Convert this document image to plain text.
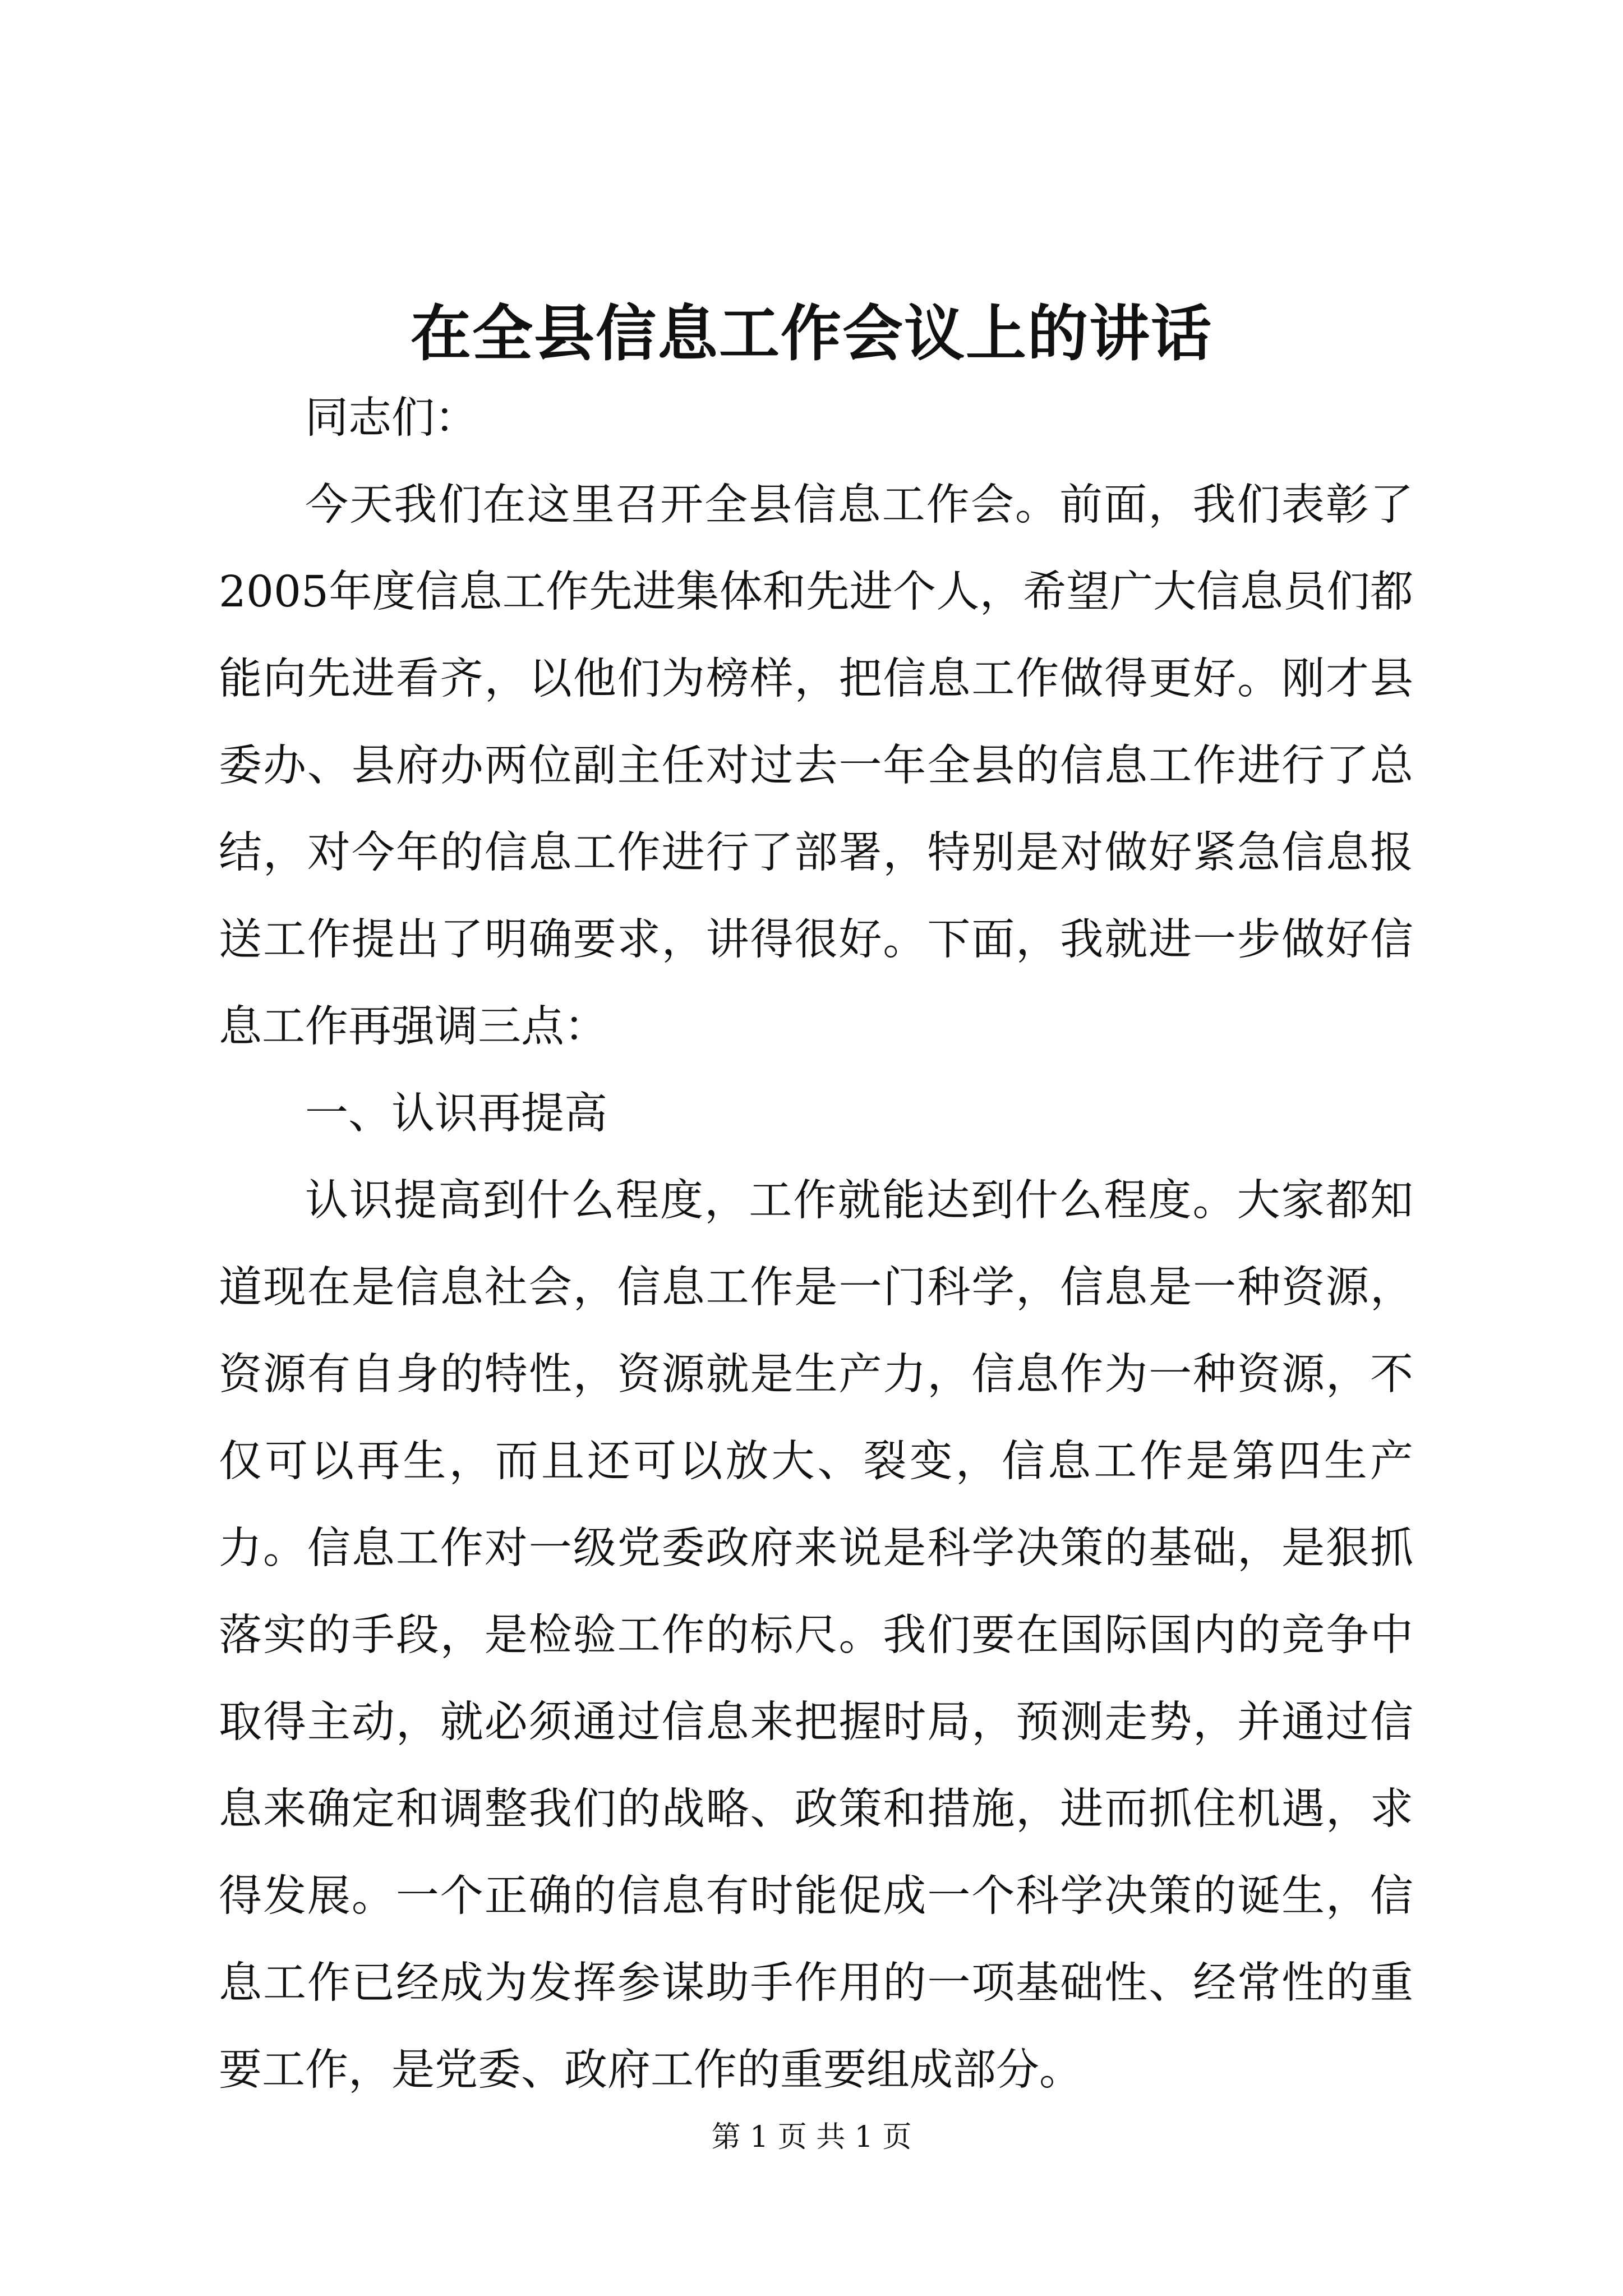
在全县信息工作会议上的讲话

同志们：

今天我们在这里召开全县信息工作会。前面，我们表彰了2005年度信息工作先进集体和先进个人，希望广大信息员们都能向先进看齐，以他们为榜样，把信息工作做得更好。刚才县委办、县府办两位副主任对过去一年全县的信息工作进行了总结，对今年的信息工作进行了部署，特别是对做好紧急信息报送工作提出了明确要求，讲得很好。下面，我就进一步做好信息工作再强调三点：

一、认识再提高

认识提高到什么程度，工作就能达到什么程度。大家都知道现在是信息社会，信息工作是一门科学，信息是一种资源，资源有自身的特性，资源就是生产力，信息作为一种资源，不仅可以再生，而且还可以放大、裂变，信息工作是第四生产力。信息工作对一级党委政府来说是科学决策的基础，是狠抓落实的手段，是检验工作的标尺。我们要在国际国内的竞争中取得主动，就必须通过信息来把握时局，预测走势，并通过信息来确定和调整我们的战略、政策和措施，进而抓住机遇，求得发展。一个正确的信息有时能促成一个科学决策的诞生，信息工作已经成为发挥参谋助手作用的一项基础性、经常性的重要工作，是党委、政府工作的重要组成部分。

第 1 页 共 1 页
